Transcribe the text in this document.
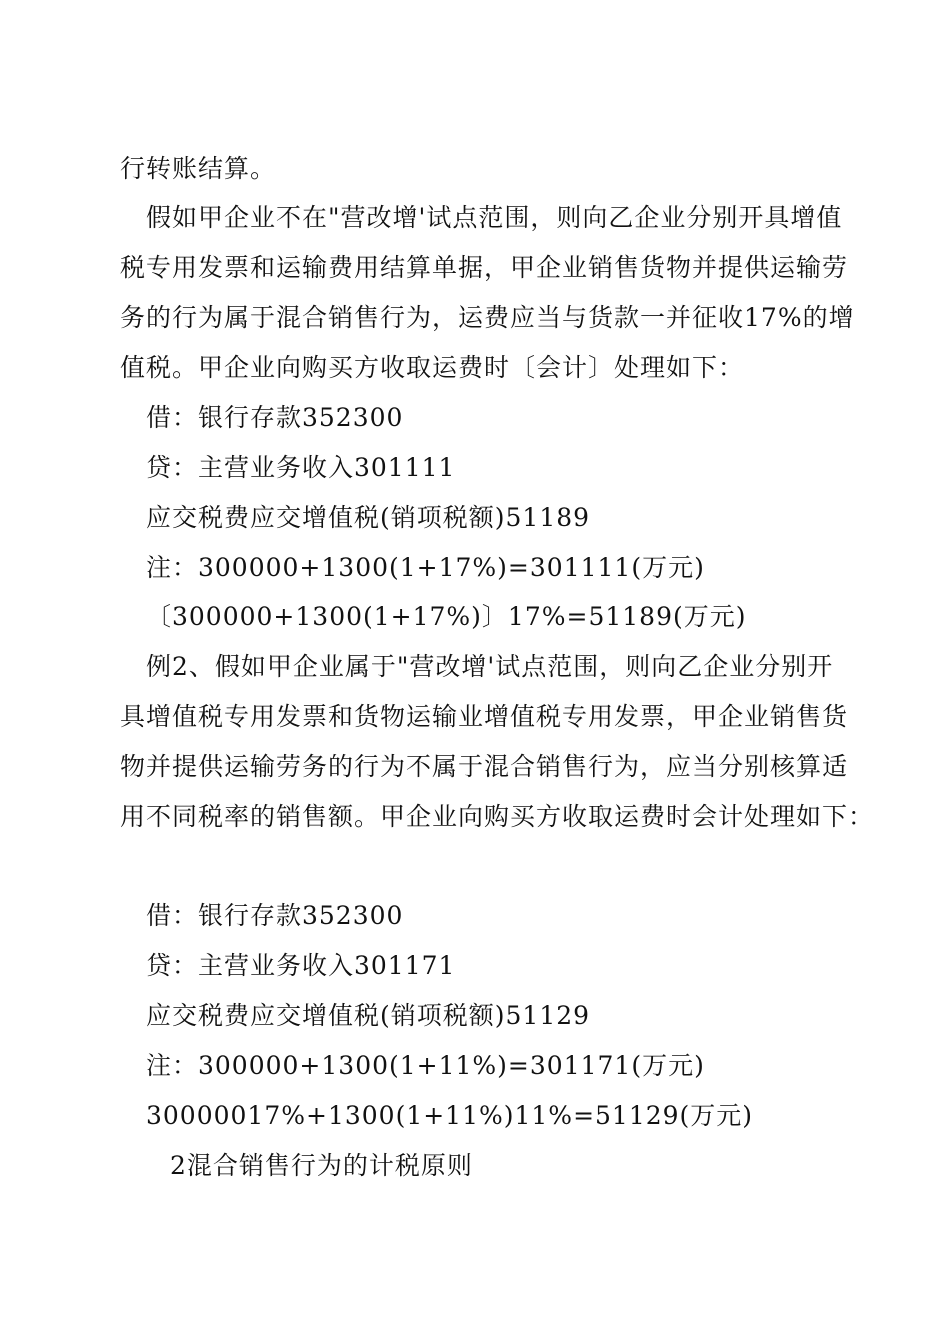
行转账结算。
假如甲企业不在"营改增'试点范围，则向乙企业分别开具增值
税专用发票和运输费用结算单据，甲企业销售货物并提供运输劳
务的行为属于混合销售行为，运费应当与货款一并征收17%的增
值税。甲企业向购买方收取运费时〔会计〕处理如下：
借：银行存款352300
贷：主营业务收入301111
应交税费应交增值税(销项税额)51189
注：300000+1300(1+17%)=301111(万元)
〔300000+1300(1+17%)〕17%=51189(万元)
例2、假如甲企业属于"营改增'试点范围，则向乙企业分别开
具增值税专用发票和货物运输业增值税专用发票，甲企业销售货
物并提供运输劳务的行为不属于混合销售行为，应当分别核算适
用不同税率的销售额。甲企业向购买方收取运费时会计处理如下：
借：银行存款352300
贷：主营业务收入301171
应交税费应交增值税(销项税额)51129
注：300000+1300(1+11%)=301171(万元)
30000017%+1300(1+11%)11%=51129(万元)
2混合销售行为的计税原则
